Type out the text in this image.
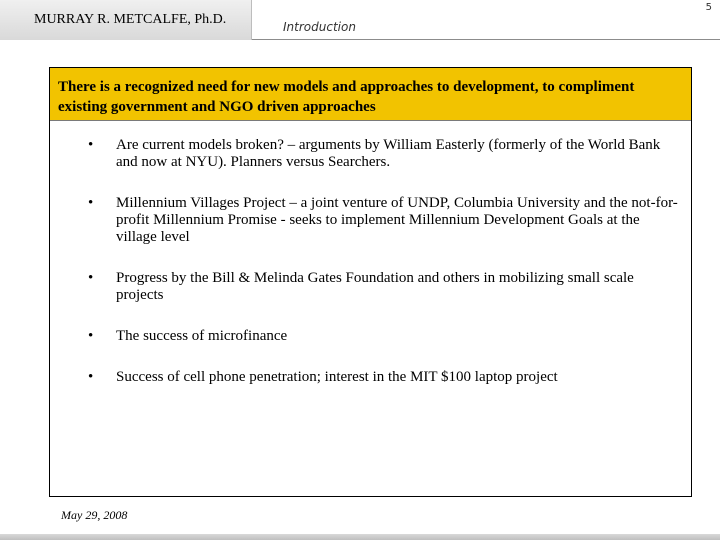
MURRAY R. METCALFE, Ph.D.	Introduction
5
There is a recognized need for new models and approaches to development, to compliment existing government and NGO driven approaches
• Are current models broken? – arguments by William Easterly (formerly of the World Bank and now at NYU). Planners versus Searchers.
• Millennium Villages Project – a joint venture of UNDP, Columbia University and the not-for-profit Millennium Promise - seeks to implement Millennium Development Goals at the village level
• Progress by the Bill & Melinda Gates Foundation and others in mobilizing small scale projects
• The success of microfinance
• Success of cell phone penetration; interest in the MIT $100 laptop project
May 29, 2008
